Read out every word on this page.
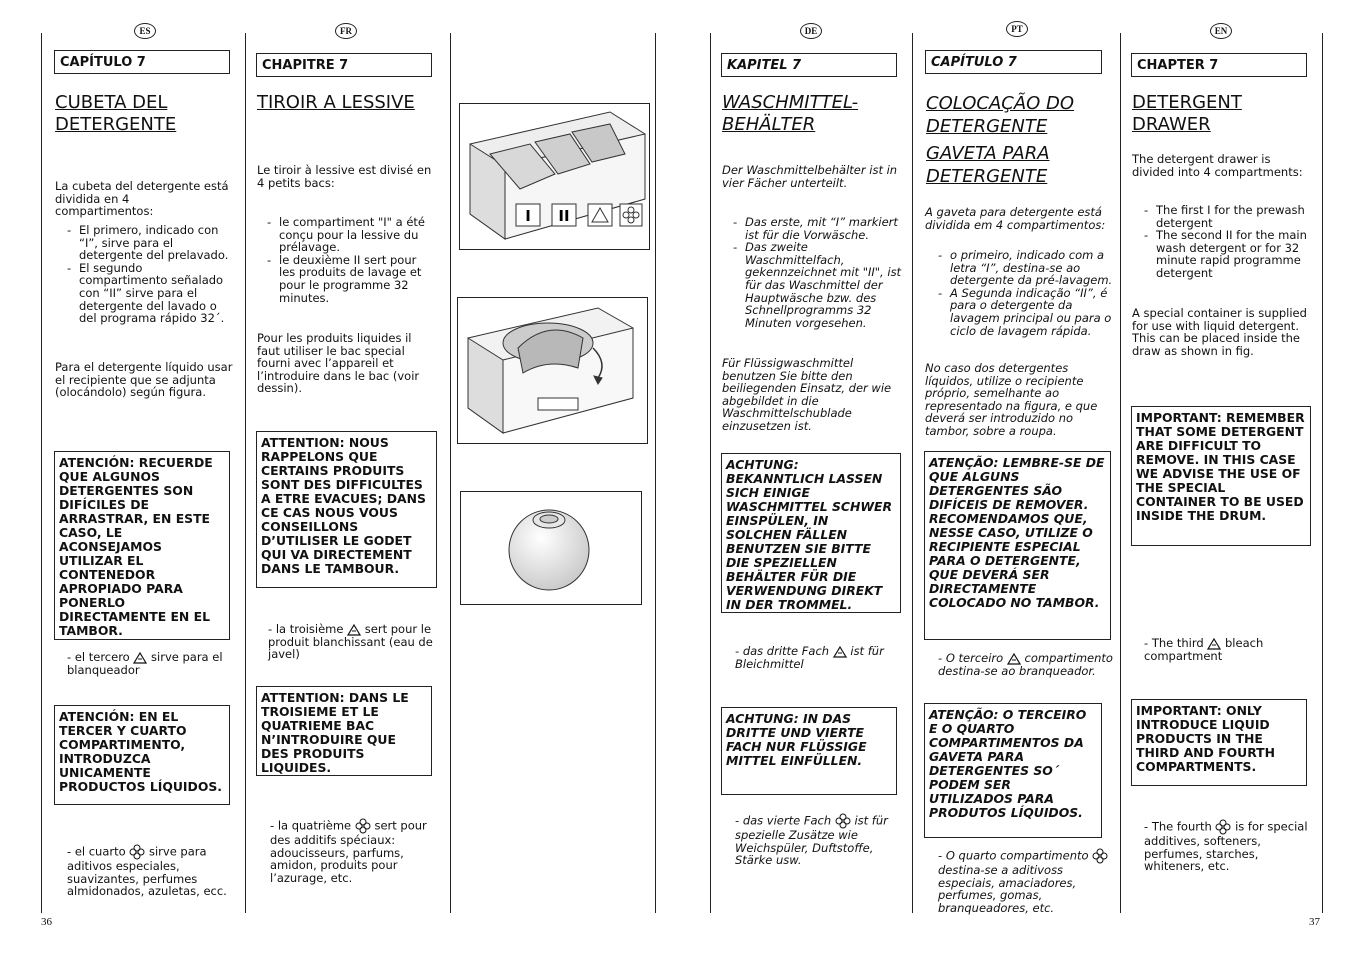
ES	FR	DE	PT	EN
CAPÍTULO 7
CUBETA DEL
DETERGENTE
La cubeta del detergente está dividida en 4 compartimentos:
- El primero, indicado con “I”, sirve para el detergente del prelavado.
- El segundo compartimento señalado con “II” sirve para el detergente del lavado o del programa rápido 32´.
Para el detergente líquido usar el recipiente que se adjunta (olocándolo) según figura.
ATENCIÓN: RECUERDE QUE ALGUNOS DETERGENTES SON DIFÍCILES DE ARRASTRAR, EN ESTE CASO, LE ACONSEJAMOS UTILIZAR EL CONTENEDOR APROPIADO PARA PONERLO DIRECTAMENTE EN EL TAMBOR.
- el tercero sirve para el blanqueador
ATENCIÓN: EN EL TERCER Y CUARTO COMPARTIMENTO, INTRODUZCA UNICAMENTE PRODUCTOS LÍQUIDOS.
- el cuarto sirve para aditivos especiales, suavizantes, perfumes almidonados, azuletas, ecc.
CHAPITRE 7
TIROIR A LESSIVE
Le tiroir à lessive est divisé en 4 petits bacs:
- le compartiment "I" a été conçu pour la lessive du prélavage.
- le deuxième II sert pour les produits de lavage et pour le programme 32 minutes.
Pour les produits liquides il faut utiliser le bac special fourni avec l’appareil et l’introduire dans le bac (voir dessin).
ATTENTION: NOUS RAPPELONS QUE CERTAINS PRODUITS SONT DES DIFFICULTES A ETRE EVACUES; DANS CE CAS NOUS VOUS CONSEILLONS D’UTILISER LE GODET QUI VA DIRECTEMENT DANS LE TAMBOUR.
- la troisième sert pour le produit blanchissant (eau de javel)
ATTENTION: DANS LE TROISIEME ET LE QUATRIEME BAC N’INTRODUIRE QUE DES PRODUITS LIQUIDES.
- la quatrième sert pour des additifs spéciaux: adoucisseurs, parfums, amidon, produits pour l’azurage, etc.
I II
KAPITEL 7
WASCHMITTEL-
BEHÄLTER
Der Waschmittelbehälter ist in vier Fächer unterteilt.
- Das erste, mit “I” markiert ist für die Vorwäsche.
- Das zweite Waschmittelfach, gekennzeichnet mit "II", ist für das Waschmittel der Hauptwäsche bzw. des Schnellprogramms 32 Minuten vorgesehen.
Für Flüssigwaschmittel benutzen Sie bitte den beiliegenden Einsatz, der wie abgebildet in die Waschmittelschublade einzusetzen ist.
ACHTUNG: BEKANNTLICH LASSEN SICH EINIGE WASCHMITTEL SCHWER EINSPÜLEN, IN SOLCHEN FÄLLEN BENUTZEN SIE BITTE DIE SPEZIELLEN BEHÄLTER FÜR DIE VERWENDUNG DIREKT IN DER TROMMEL.
- das dritte Fach ist für Bleichmittel
ACHTUNG: IN DAS DRITTE UND VIERTE FACH NUR FLÜSSIGE MITTEL EINFÜLLEN.
- das vierte Fach ist für spezielle Zusätze wie Weichspüler, Duftstoffe, Stärke usw.
CAPÍTULO 7
COLOCAÇÃO DO
DETERGENTE
GAVETA PARA
DETERGENTE
A gaveta para detergente está dividida em 4 compartimentos:
- o primeiro, indicado com a letra “I”, destina-se ao detergente da pré-lavagem.
- A Segunda indicação “II”, é para o detergente da lavagem principal ou para o ciclo de lavagem rápida.
No caso dos detergentes líquidos, utilize o recipiente próprio, semelhante ao representado na figura, e que deverá ser introduzido no tambor, sobre a roupa.
ATENÇÃO: LEMBRE-SE DE QUE ALGUNS DETERGENTES SÃO DIFÍCEIS DE REMOVER. RECOMENDAMOS QUE, NESSE CASO, UTILIZE O RECIPIENTE ESPECIAL PARA O DETERGENTE, QUE DEVERÁ SER DIRECTAMENTE COLOCADO NO TAMBOR.
- O terceiro compartimento destina-se ao branqueador.
ATENÇÃO: O TERCEIRO E O QUARTO COMPARTIMENTOS DA GAVETA PARA DETERGENTES SO´ PODEM SER UTILIZADOS PARA PRODUTOS LÍQUIDOS.
- O quarto compartimento  destina-se a aditivoss especiais, amaciadores, perfumes, gomas, branqueadores, etc.
CHAPTER 7
DETERGENT
DRAWER
The detergent drawer is divided into 4 compartments:
- The first I for the prewash detergent
- The second II for the main wash detergent or for 32 minute rapid programme detergent
A special container is supplied for use with liquid detergent. This can be placed inside the draw as shown in fig.
IMPORTANT: REMEMBER THAT SOME DETERGENT ARE DIFFICULT TO REMOVE. IN THIS CASE WE ADVISE THE USE OF THE SPECIAL CONTAINER TO BE USED INSIDE THE DRUM.
- The third bleach compartment
IMPORTANT: ONLY INTRODUCE LIQUID PRODUCTS IN THE THIRD AND FOURTH COMPARTMENTS.
- The fourth is for special additives, softeners, perfumes, starches, whiteners, etc.
36	37
